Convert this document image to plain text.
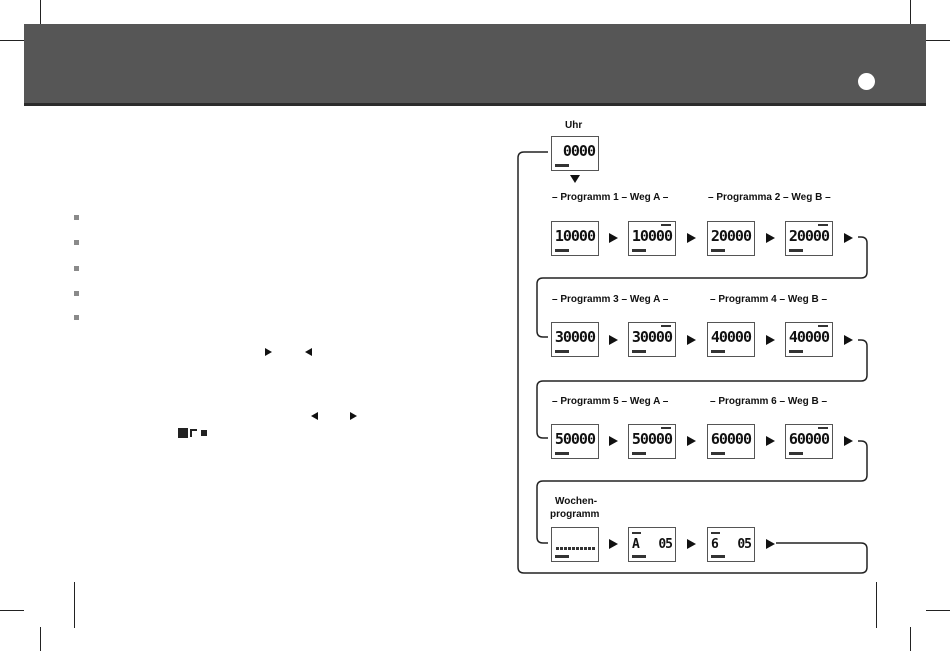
Uhr
0000
– Programm 1 – Weg A –	– Programma 2 – Weg B –
10000 10000	20000	20000
– Programm 3 – Weg A –	– Programm 4 – Weg B –
30000 30000	40000	40000
– Programm 5 – Weg A –	– Programm 6 – Weg B –
50000 50000	60000	60000
Wochen-
programm
A 05	6 05
